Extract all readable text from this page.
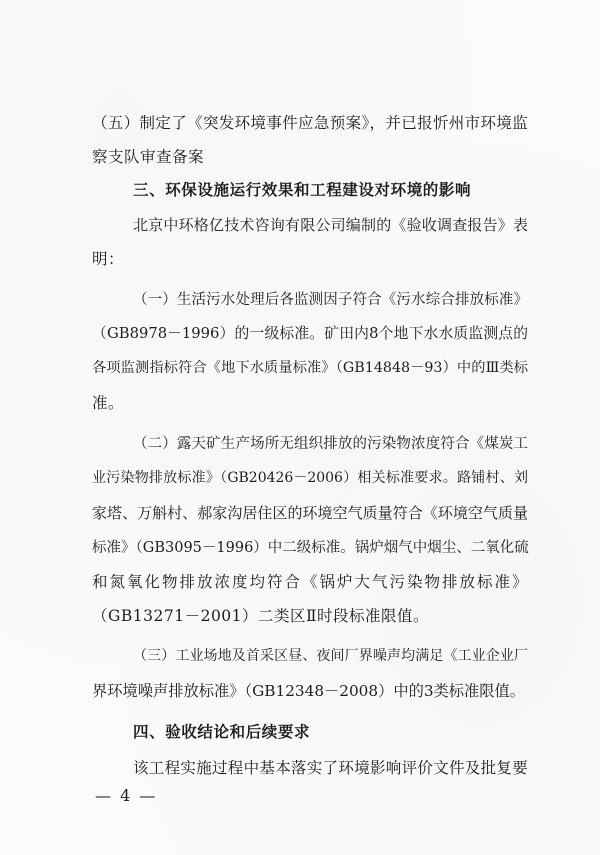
（五）制定了《突发环境事件应急预案》，并已报忻州市环境监
察支队审查备案
三、环保设施运行效果和工程建设对环境的影响
北京中环格亿技术咨询有限公司编制的《验收调查报告》表
明：
（一）生活污水处理后各监测因子符合《污水综合排放标准》
（GB8978－1996）的一级标准。矿田内8个地下水水质监测点的
各项监测指标符合《地下水质量标准》（GB14848－93）中的Ⅲ类标
准。
（二）露天矿生产场所无组织排放的污染物浓度符合《煤炭工
业污染物排放标准》（GB20426－2006）相关标准要求。路铺村、刘
家塔、万斛村、郝家沟居住区的环境空气质量符合《环境空气质量
标准》（GB3095－1996）中二级标准。锅炉烟气中烟尘、二氧化硫
和氮氧化物排放浓度均符合《锅炉大气污染物排放标准》
（GB13271－2001）二类区Ⅱ时段标准限值。
（三）工业场地及首采区昼、夜间厂界噪声均满足《工业企业厂
界环境噪声排放标准》（GB12348－2008）中的3类标准限值。
四、验收结论和后续要求
该工程实施过程中基本落实了环境影响评价文件及批复要
— 4 —
